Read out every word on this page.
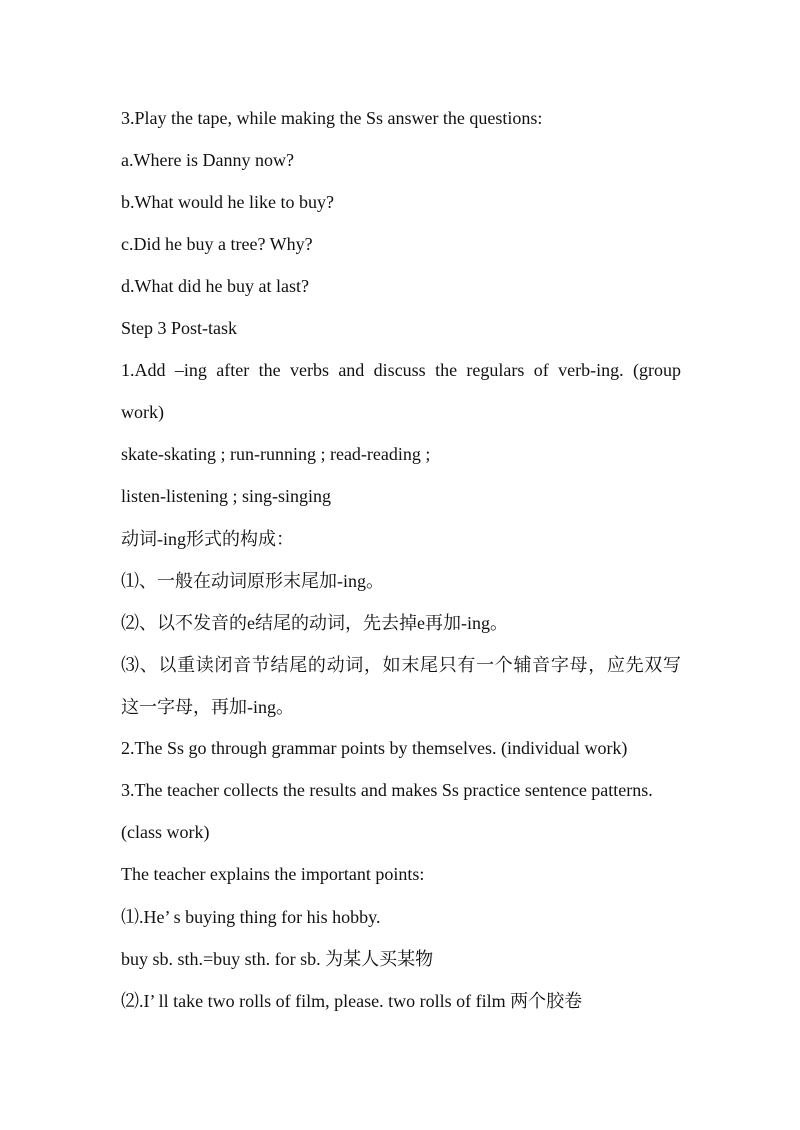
3.Play the tape, while making the Ss answer the questions:
a.Where is Danny now?
b.What would he like to buy?
c.Did he buy a tree? Why?
d.What did he buy at last?
Step 3 Post-task
1.Add –ing after the verbs and discuss the regulars of verb-ing. (group
work)
skate-skating ; run-running ; read-reading ;
listen-listening ; sing-singing
动词-ing形式的构成：
⑴、一般在动词原形末尾加-ing。
⑵、以不发音的e结尾的动词，先去掉e再加-ing。
⑶、以重读闭音节结尾的动词，如末尾只有一个辅音字母，应先双写
这一字母，再加-ing。
2.The Ss go through grammar points by themselves. (individual work)
3.The teacher collects the results and makes Ss practice sentence patterns.
(class work)
The teacher explains the important points:
⑴.He’ s buying thing for his hobby.
buy sb. sth.=buy sth. for sb. 为某人买某物
⑵.I’ ll take two rolls of film, please. two rolls of film 两个胶卷
